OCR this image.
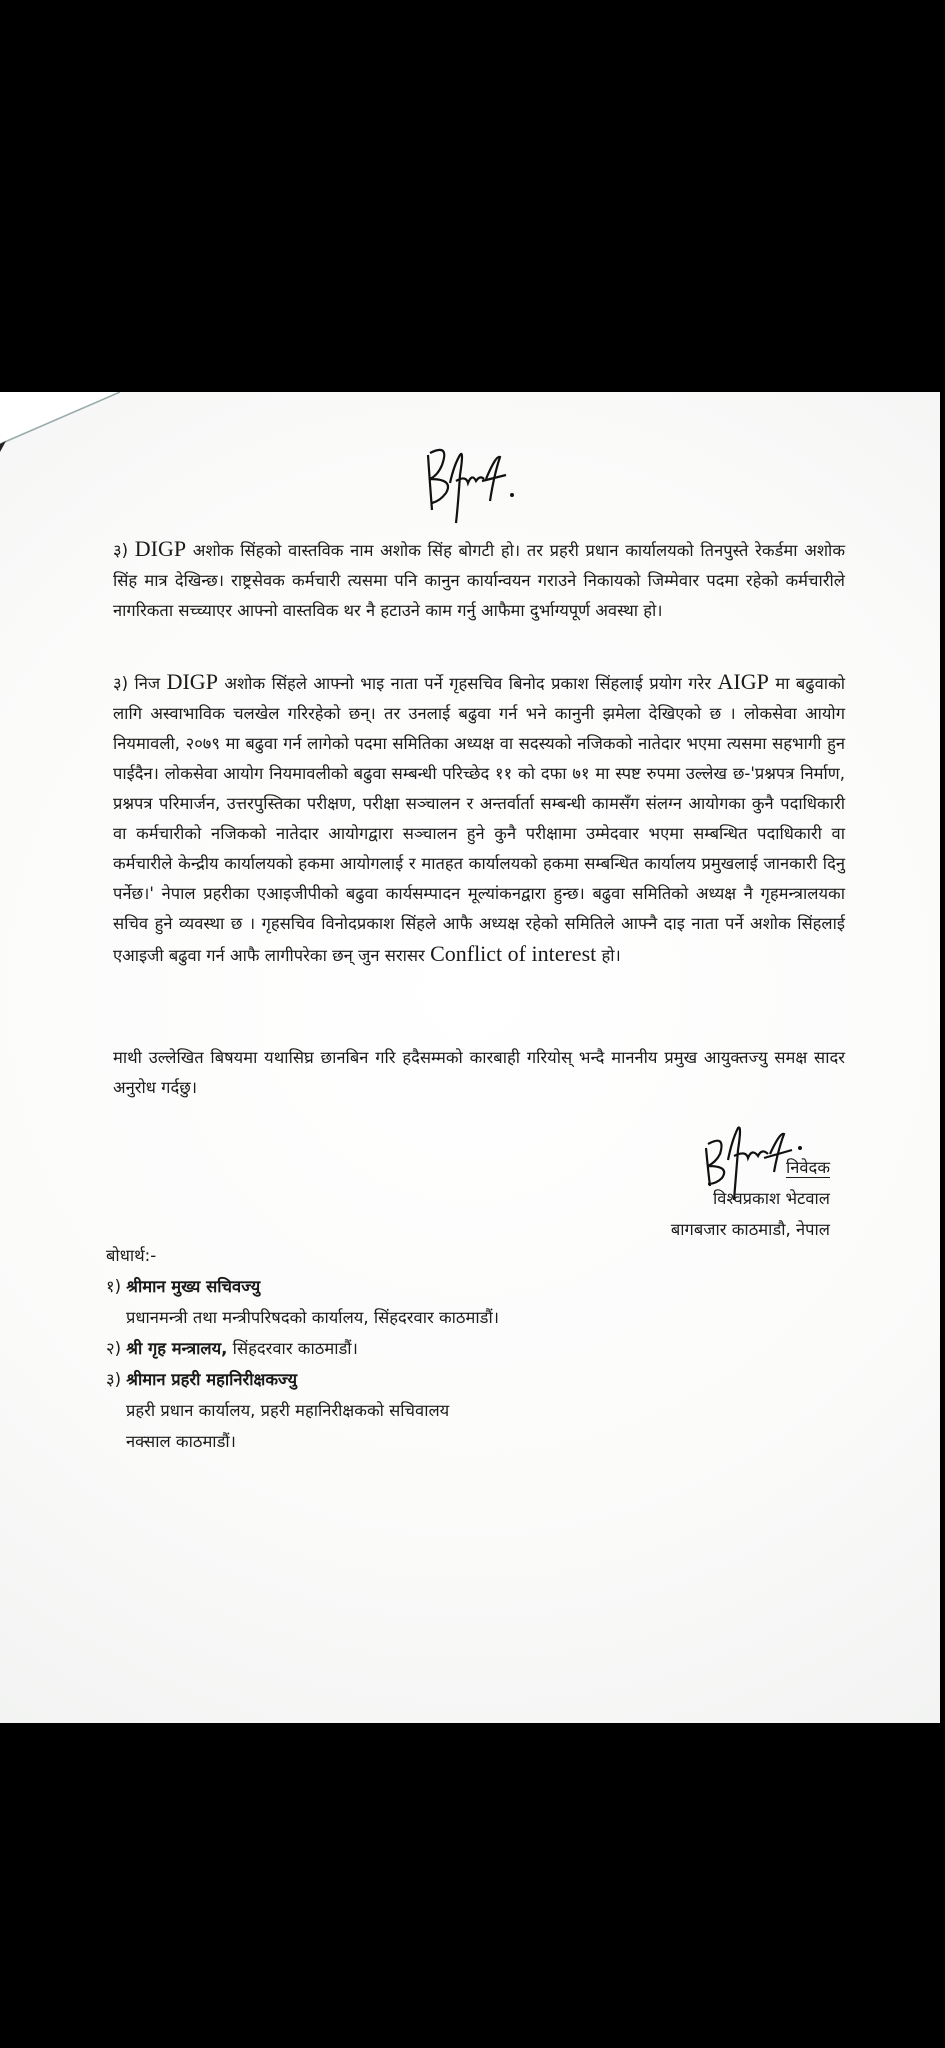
३) DIGP अशोक सिंहको वास्तविक नाम अशोक सिंह बोगटी हो। तर प्रहरी प्रधान कार्यालयको तिनपुस्ते रेकर्डमा अशोक सिंह मात्र देखिन्छ। राष्ट्रसेवक कर्मचारी त्यसमा पनि कानुन कार्यान्वयन गराउने निकायको जिम्मेवार पदमा रहेको कर्मचारीले नागरिकता सच्च्याएर आफ्नो वास्तविक थर नै हटाउने काम गर्नु आफैमा दुर्भाग्यपूर्ण अवस्था हो।
३) निज DIGP अशोक सिंहले आफ्नो भाइ नाता पर्ने गृहसचिव बिनोद प्रकाश सिंहलाई प्रयोग गरेर AIGP मा बढुवाको लागि अस्वाभाविक चलखेल गरिरहेको छन्। तर उनलाई बढुवा गर्न भने कानुनी झमेला देखिएको छ । लोकसेवा आयोग नियमावली, २०७९ मा बढुवा गर्न लागेको पदमा समितिका अध्यक्ष वा सदस्यको नजिकको नातेदार भएमा त्यसमा सहभागी हुन पाईदैन। लोकसेवा आयोग नियमावलीको बढुवा सम्बन्धी परिच्छेद ११ को दफा ७१ मा स्पष्ट रुपमा उल्लेख छ-'प्रश्नपत्र निर्माण, प्रश्नपत्र परिमार्जन, उत्तरपुस्तिका परीक्षण, परीक्षा सञ्चालन र अन्तर्वार्ता सम्बन्धी कामसँग संलग्न आयोगका कुनै पदाधिकारी वा कर्मचारीको नजिकको नातेदार आयोगद्वारा सञ्चालन हुने कुनै परीक्षामा उम्मेदवार भएमा सम्बन्धित पदाधिकारी वा कर्मचारीले केन्द्रीय कार्यालयको हकमा आयोगलाई र मातहत कार्यालयको हकमा सम्बन्धित कार्यालय प्रमुखलाई जानकारी दिनु पर्नेछ।' नेपाल प्रहरीका एआइजीपीको बढुवा कार्यसम्पादन मूल्यांकनद्वारा हुन्छ। बढुवा समितिको अध्यक्ष नै गृहमन्त्रालयका सचिव हुने व्यवस्था छ । गृहसचिव विनोदप्रकाश सिंहले आफै अध्यक्ष रहेको समितिले आफ्नै दाइ नाता पर्ने अशोक सिंहलाई एआइजी बढुवा गर्न आफै लागीपरेका छन् जुन सरासर Conflict of interest हो।
माथी उल्लेखित बिषयमा यथासिघ्र छानबिन गरि हदैसम्मको कारबाही गरियोस् भन्दै माननीय प्रमुख आयुक्तज्यु समक्ष सादर अनुरोध गर्दछु।
निवेदक
विश्वप्रकाश भेटवाल
बागबजार काठमाडौ, नेपाल
बोधार्थ:-
१) श्रीमान मुख्य सचिवज्यु
प्रधानमन्त्री तथा मन्त्रीपरिषदको कार्यालय, सिंहदरवार काठमाडौं।
२) श्री गृह मन्त्रालय, सिंहदरवार काठमाडौं।
३) श्रीमान प्रहरी महानिरीक्षकज्यु
प्रहरी प्रधान कार्यालय, प्रहरी महानिरीक्षकको सचिवालय
नक्साल काठमाडौं।
